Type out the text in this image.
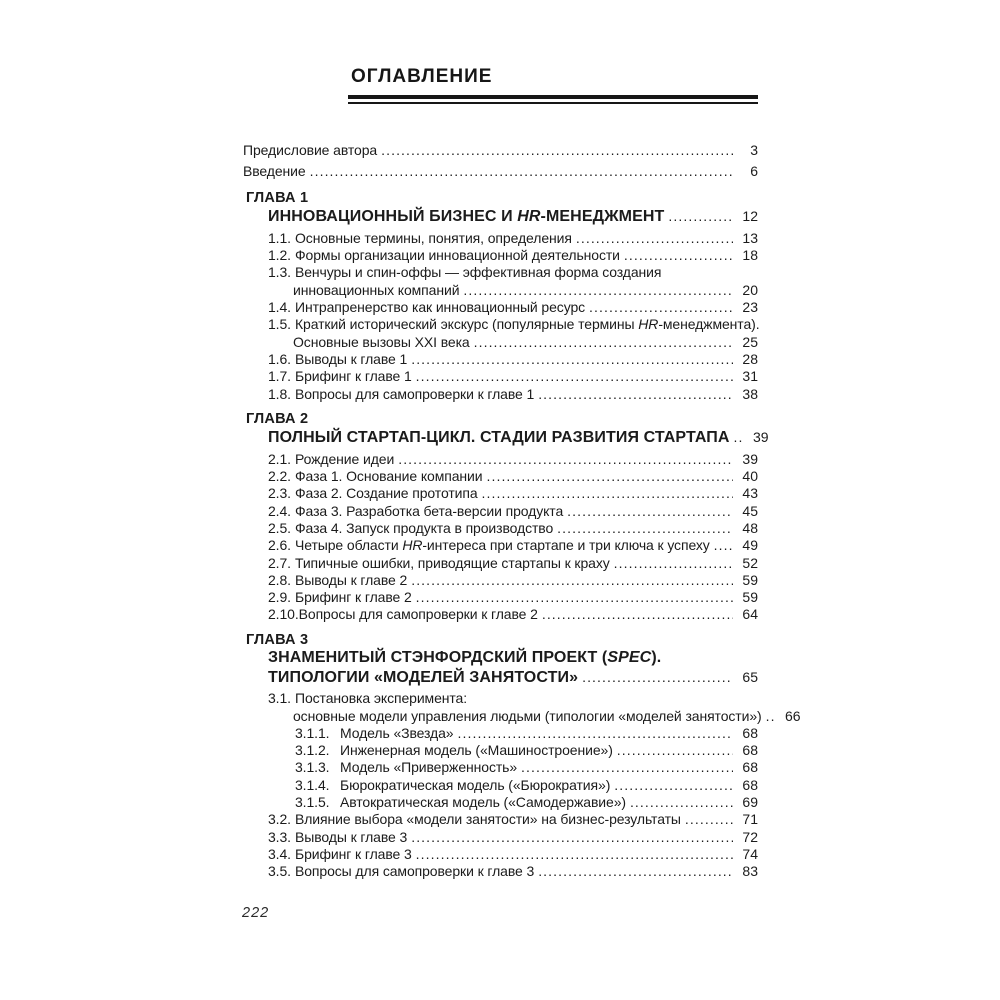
ОГЛАВЛЕНИЕ
Предисловие автора .....	3
Введение .....	6
ГЛАВА 1
ИННОВАЦИОННЫЙ БИЗНЕС И HR-МЕНЕДЖМЕНТ .....	12
1.1. Основные термины, понятия, определения .....	13
1.2. Формы организации инновационной деятельности .....	18
1.3. Венчуры и спин-оффы — эффективная форма создания
инновационных компаний .....	20
1.4. Интрапренерство как инновационный ресурс .....	23
1.5. Краткий исторический экскурс (популярные термины HR-менеджмента).
Основные вызовы XXI века .....	25
1.6. Выводы к главе 1 .....	28
1.7. Брифинг к главе 1 .....	31
1.8. Вопросы для самопроверки к главе 1 .....	38
ГЛАВА 2
ПОЛНЫЙ СТАРТАП-ЦИКЛ. СТАДИИ РАЗВИТИЯ СТАРТАПА .....	39
2.1. Рождение идеи .....	39
2.2. Фаза 1. Основание компании .....	40
2.3. Фаза 2. Создание прототипа .....	43
2.4. Фаза 3. Разработка бета-версии продукта .....	45
2.5. Фаза 4. Запуск продукта в производство .....	48
2.6. Четыре области HR-интереса при стартапе и три ключа к успеху .....	49
2.7. Типичные ошибки, приводящие стартапы к краху .....	52
2.8. Выводы к главе 2 .....	59
2.9. Брифинг к главе 2 .....	59
2.10. Вопросы для самопроверки к главе 2 .....	64
ГЛАВА 3
ЗНАМЕНИТЫЙ СТЭНФОРДСКИЙ ПРОЕКТ (SPEC).
ТИПОЛОГИИ «МОДЕЛЕЙ ЗАНЯТОСТИ» .....	65
3.1. Постановка эксперимента:
основные модели управления людьми (типологии «моделей занятости») .....	66
3.1.1. Модель «Звезда» .....	68
3.1.2. Инженерная модель («Машиностроение») .....	68
3.1.3. Модель «Приверженность» .....	68
3.1.4. Бюрократическая модель («Бюрократия») .....	68
3.1.5. Автократическая модель («Самодержавие») .....	69
3.2. Влияние выбора «модели занятости» на бизнес-результаты .....	71
3.3. Выводы к главе 3 .....	72
3.4. Брифинг к главе 3 .....	74
3.5. Вопросы для самопроверки к главе 3 .....	83
222
